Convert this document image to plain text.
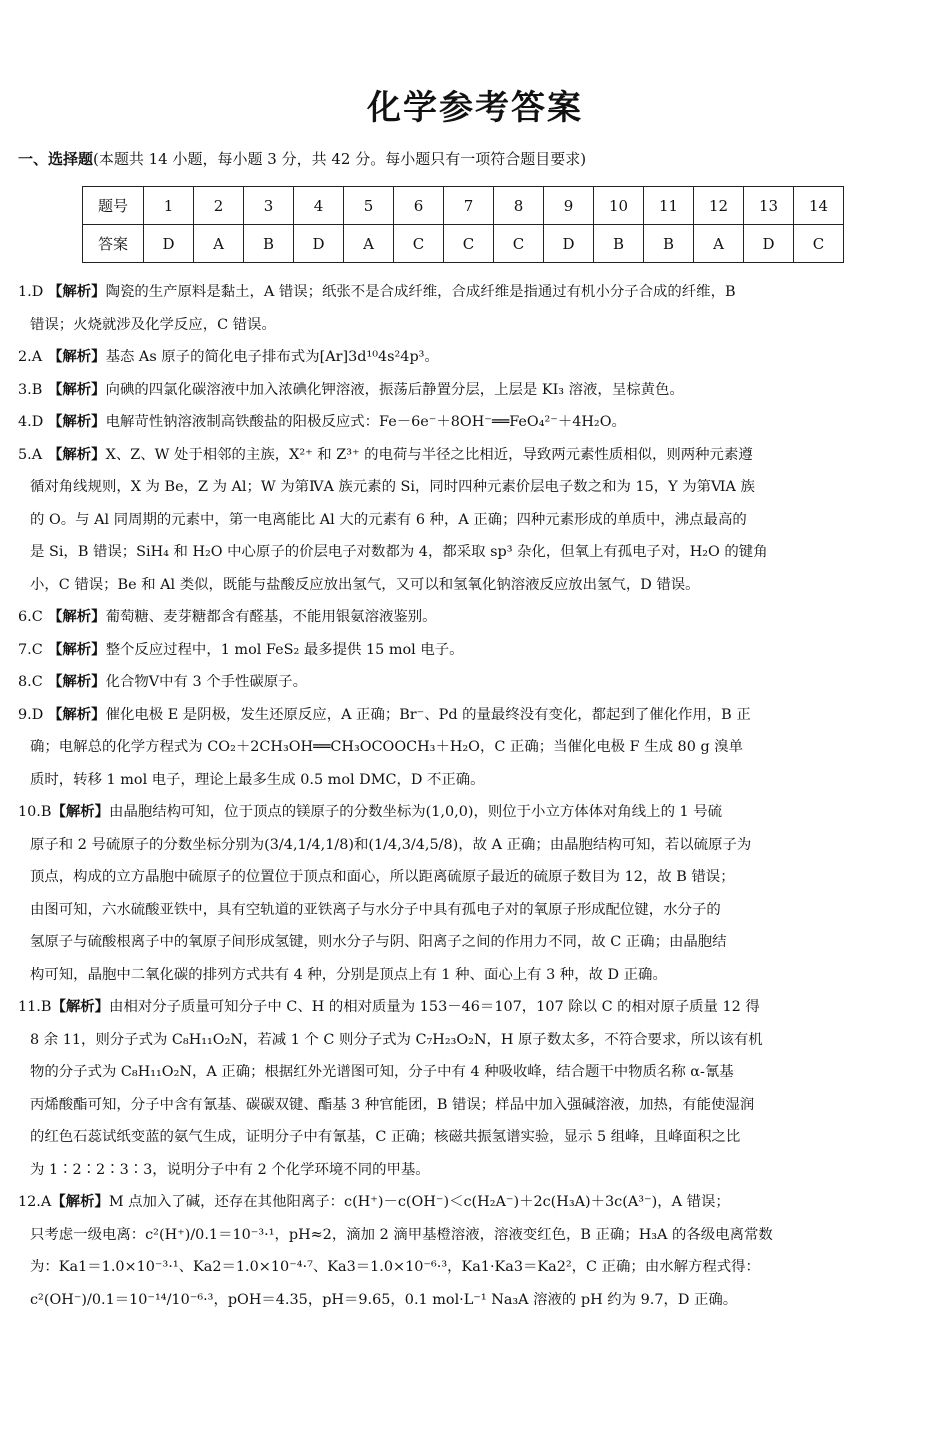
化学参考答案
一、选择题(本题共 14 小题，每小题 3 分，共 42 分。每小题只有一项符合题目要求)
题号	1	2	3	4	5	6	7	8	9	10	11	12	13	14
答案	D	A	B	D	A	C	C	C	D	B	B	A	D	C
1.D 【解析】陶瓷的生产原料是黏土，A 错误；纸张不是合成纤维，合成纤维是指通过有机小分子合成的纤维，B
错误；火烧就涉及化学反应，C 错误。
2.A 【解析】基态 As 原子的简化电子排布式为[Ar]3d¹⁰4s²4p³。
3.B 【解析】向碘的四氯化碳溶液中加入浓碘化钾溶液，振荡后静置分层，上层是 KI₃ 溶液，呈棕黄色。
4.D 【解析】电解苛性钠溶液制高铁酸盐的阳极反应式：Fe－6e⁻＋8OH⁻══FeO₄²⁻＋4H₂O。
5.A 【解析】X、Z、W 处于相邻的主族，X²⁺ 和 Z³⁺ 的电荷与半径之比相近，导致两元素性质相似，则两种元素遵
循对角线规则，X 为 Be，Z 为 Al；W 为第ⅣA 族元素的 Si，同时四种元素价层电子数之和为 15，Y 为第ⅥA 族
的 O。与 Al 同周期的元素中，第一电离能比 Al 大的元素有 6 种，A 正确；四种元素形成的单质中，沸点最高的
是 Si，B 错误；SiH₄ 和 H₂O 中心原子的价层电子对数都为 4，都采取 sp³ 杂化，但氧上有孤电子对，H₂O 的键角
小，C 错误；Be 和 Al 类似，既能与盐酸反应放出氢气，又可以和氢氧化钠溶液反应放出氢气，D 错误。
6.C 【解析】葡萄糖、麦芽糖都含有醛基，不能用银氨溶液鉴别。
7.C 【解析】整个反应过程中，1 mol FeS₂ 最多提供 15 mol 电子。
8.C 【解析】化合物Ⅴ中有 3 个手性碳原子。
9.D 【解析】催化电极 E 是阴极，发生还原反应，A 正确；Br⁻、Pd 的量最终没有变化，都起到了催化作用，B 正
确；电解总的化学方程式为 CO₂＋2CH₃OH══CH₃OCOOCH₃＋H₂O，C 正确；当催化电极 F 生成 80 g 溴单
质时，转移 1 mol 电子，理论上最多生成 0.5 mol DMC，D 不正确。
10.B【解析】由晶胞结构可知，位于顶点的镁原子的分数坐标为(1,0,0)，则位于小立方体体对角线上的 1 号硫
原子和 2 号硫原子的分数坐标分别为(3/4,1/4,1/8)和(1/4,3/4,5/8)，故 A 正确；由晶胞结构可知，若以硫原子为
顶点，构成的立方晶胞中硫原子的位置位于顶点和面心，所以距离硫原子最近的硫原子数目为 12，故 B 错误；
由图可知，六水硫酸亚铁中，具有空轨道的亚铁离子与水分子中具有孤电子对的氧原子形成配位键，水分子的
氢原子与硫酸根离子中的氧原子间形成氢键，则水分子与阴、阳离子之间的作用力不同，故 C 正确；由晶胞结
构可知，晶胞中二氧化碳的排列方式共有 4 种，分别是顶点上有 1 种、面心上有 3 种，故 D 正确。
11.B【解析】由相对分子质量可知分子中 C、H 的相对质量为 153－46＝107，107 除以 C 的相对原子质量 12 得
8 余 11，则分子式为 C₈H₁₁O₂N，若减 1 个 C 则分子式为 C₇H₂₃O₂N，H 原子数太多，不符合要求，所以该有机
物的分子式为 C₈H₁₁O₂N，A 正确；根据红外光谱图可知，分子中有 4 种吸收峰，结合题干中物质名称 α-氰基
丙烯酸酯可知，分子中含有氰基、碳碳双键、酯基 3 种官能团，B 错误；样品中加入强碱溶液，加热，有能使湿润
的红色石蕊试纸变蓝的氨气生成，证明分子中有氰基，C 正确；核磁共振氢谱实验，显示 5 组峰，且峰面积之比
为 1∶2∶2∶3∶3，说明分子中有 2 个化学环境不同的甲基。
12.A【解析】M 点加入了碱，还存在其他阳离子：c(H⁺)－c(OH⁻)＜c(H₂A⁻)＋2c(H₃A)＋3c(A³⁻)，A 错误；
只考虑一级电离：c²(H⁺)/0.1＝10⁻³·¹，pH≈2，滴加 2 滴甲基橙溶液，溶液变红色，B 正确；H₃A 的各级电离常数
为：Ka1＝1.0×10⁻³·¹、Ka2＝1.0×10⁻⁴·⁷、Ka3＝1.0×10⁻⁶·³，Ka1·Ka3＝Ka2²，C 正确；由水解方程式得：
c²(OH⁻)/0.1＝10⁻¹⁴/10⁻⁶·³，pOH＝4.35，pH＝9.65，0.1 mol·L⁻¹ Na₃A 溶液的 pH 约为 9.7，D 正确。
